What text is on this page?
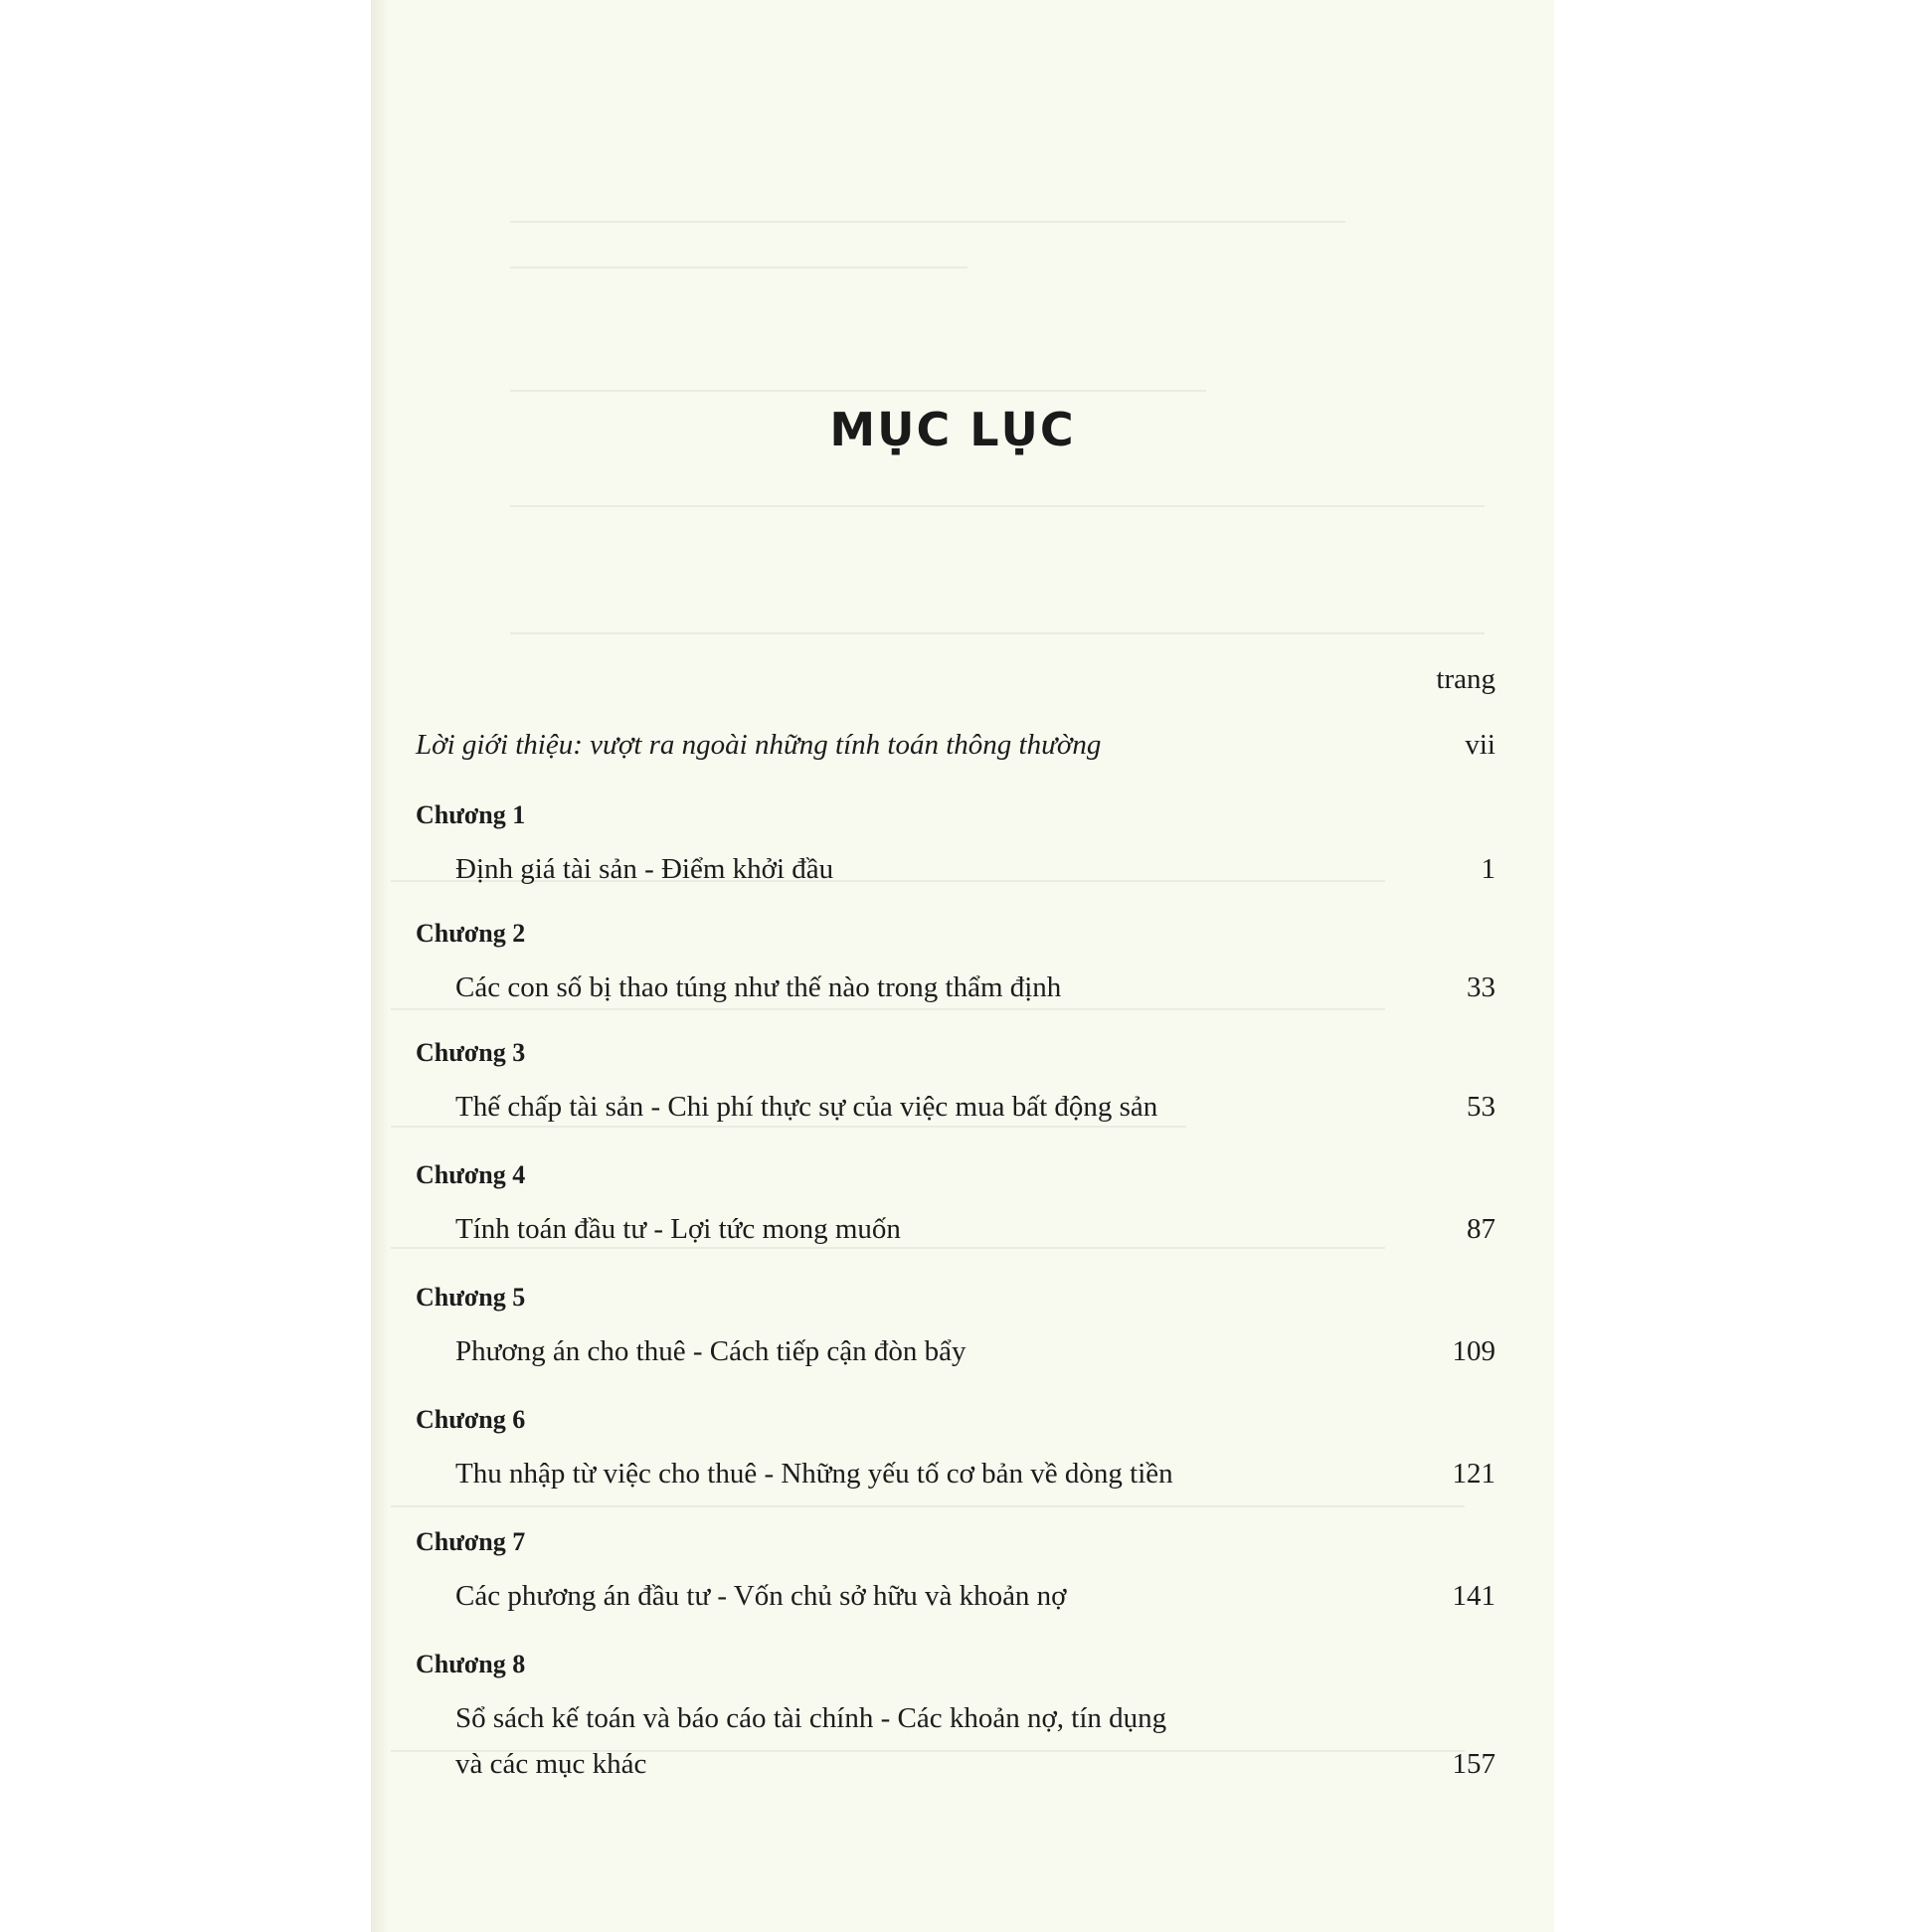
MỤC LỤC
trang
Lời giới thiệu: vượt ra ngoài những tính toán thông thường	vii
Chương 1
Định giá tài sản - Điểm khởi đầu	1
Chương 2
Các con số bị thao túng như thế nào trong thẩm định	33
Chương 3
Thế chấp tài sản - Chi phí thực sự của việc mua bất động sản	53
Chương 4
Tính toán đầu tư - Lợi tức mong muốn	87
Chương 5
Phương án cho thuê - Cách tiếp cận đòn bẩy	109
Chương 6
Thu nhập từ việc cho thuê - Những yếu tố cơ bản về dòng tiền	121
Chương 7
Các phương án đầu tư - Vốn chủ sở hữu và khoản nợ	141
Chương 8
Sổ sách kế toán và báo cáo tài chính - Các khoản nợ, tín dụng
và các mục khác	157
